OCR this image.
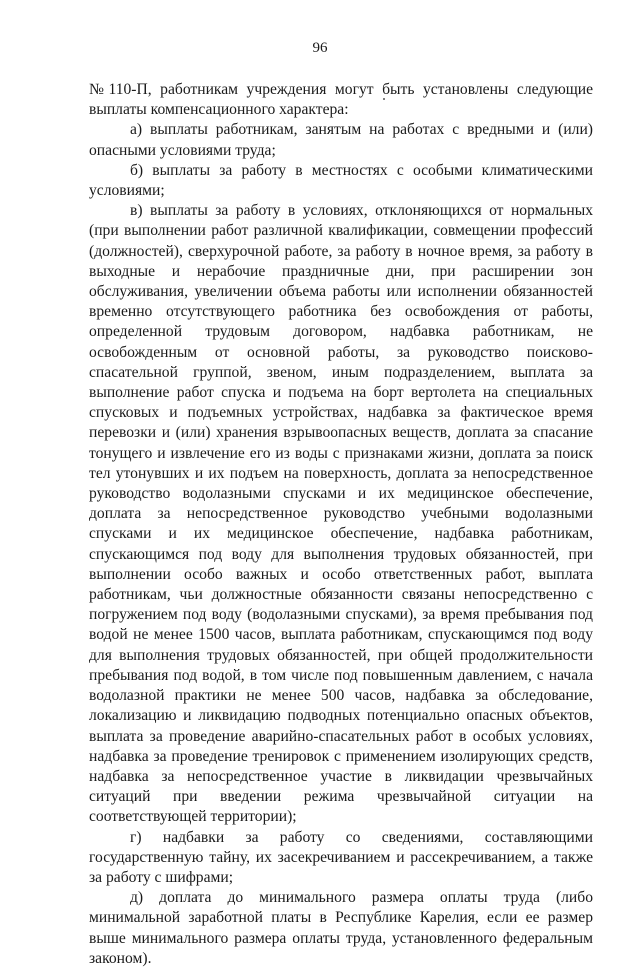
96

№110-П, работникам учреждения могут быть установлены следующие выплаты компенсационного характера:

а) выплаты работникам, занятым на работах с вредными и (или) опасными условиями труда;

б) выплаты за работу в местностях с особыми климатическими условиями;

в) выплаты за работу в условиях, отклоняющихся от нормальных (при выполнении работ различной квалификации, совмещении профессий (должностей), сверхурочной работе, за работу в ночное время, за работу в выходные и нерабочие праздничные дни, при расширении зон обслуживания, увеличении объема работы или исполнении обязанностей временно отсутствующего работника без освобождения от работы, определенной трудовым договором, надбавка работникам, не освобожденным от основной работы, за руководство поисково-спасательной группой, звеном, иным подразделением, выплата за выполнение работ спуска и подъема на борт вертолета на специальных спусковых и подъемных устройствах, надбавка за фактическое время перевозки и (или) хранения взрывоопасных веществ, доплата за спасание тонущего и извлечение его из воды с признаками жизни, доплата за поиск тел утонувших и их подъем на поверхность, доплата за непосредственное руководство водолазными спусками и их медицинское обеспечение, доплата за непосредственное руководство учебными водолазными спусками и их медицинское обеспечение, надбавка работникам, спускающимся под воду для выполнения трудовых обязанностей, при выполнении особо важных и особо ответственных работ, выплата работникам, чьи должностные обязанности связаны непосредственно с погружением под воду (водолазными спусками), за время пребывания под водой не менее 1500 часов, выплата работникам, спускающимся под воду для выполнения трудовых обязанностей, при общей продолжительности пребывания под водой, в том числе под повышенным давлением, с начала водолазной практики не менее 500 часов, надбавка за обследование, локализацию и ликвидацию подводных потенциально опасных объектов, выплата за проведение аварийно-спасательных работ в особых условиях, надбавка за проведение тренировок с применением изолирующих средств, надбавка за непосредственное участие в ликвидации чрезвычайных ситуаций при введении режима чрезвычайной ситуации на соответствующей территории);

г) надбавки за работу со сведениями, составляющими государственную тайну, их засекречиванием и рассекречиванием, а также за работу с шифрами;

д) доплата до минимального размера оплаты труда (либо минимальной заработной платы в Республике Карелия, если ее размер выше минимального размера оплаты труда, установленного федеральным законом).
